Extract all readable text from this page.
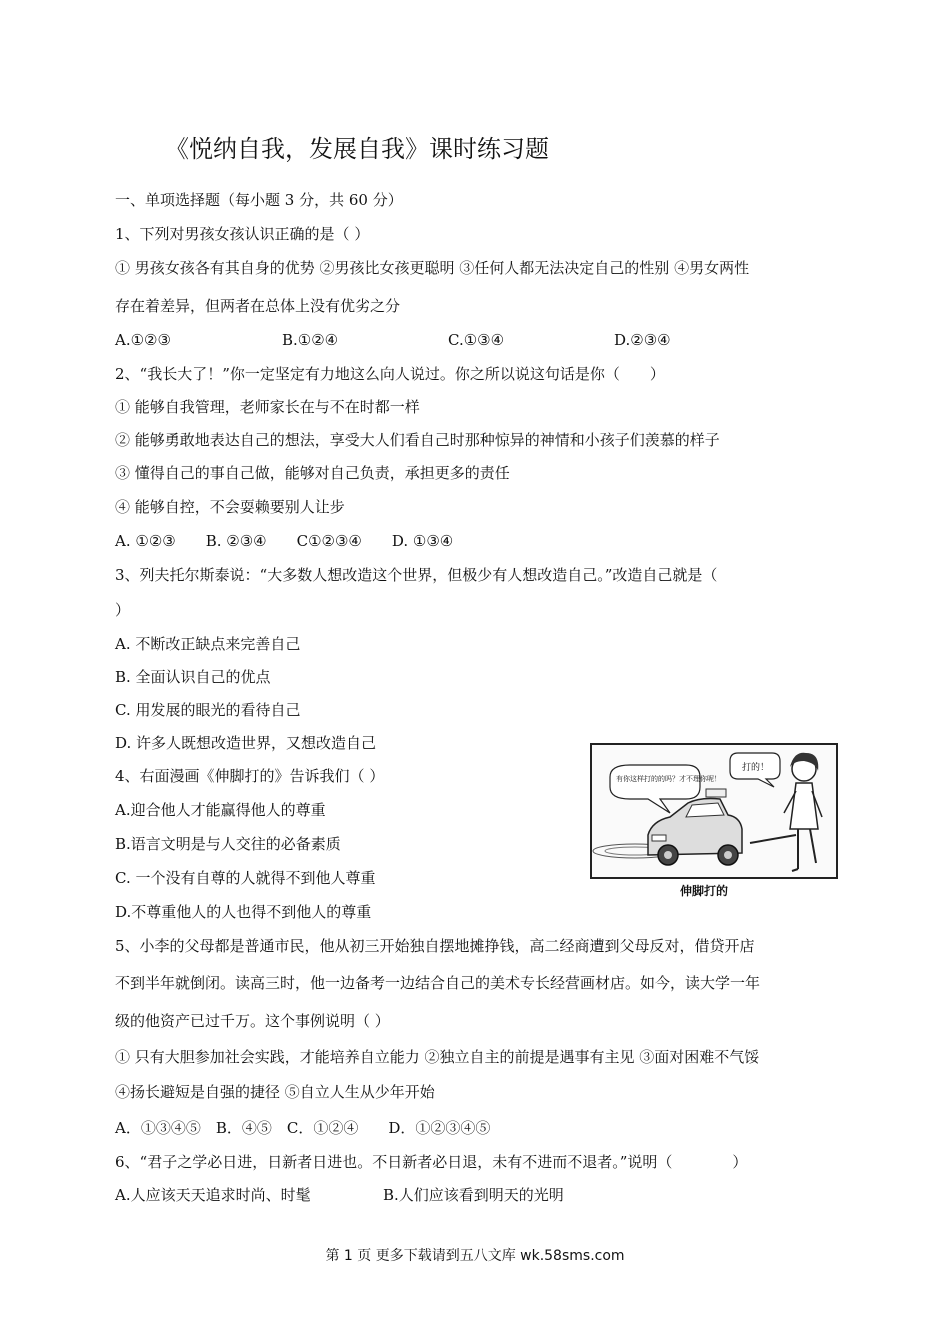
《悦纳自我，发展自我》课时练习题
一、单项选择题（每小题 3 分，共 60 分）
1、下列对男孩女孩认识正确的是（ ）
① 男孩女孩各有其自身的优势 ②男孩比女孩更聪明 ③任何人都无法决定自己的性别 ④男女两性
存在着差异，但两者在总体上没有优劣之分
A.①②③	B.①②④	C.①③④	D.②③④
2、“我长大了！”你一定坚定有力地这么向人说过。你之所以说这句话是你（　　）
① 能够自我管理，老师家长在与不在时都一样
② 能够勇敢地表达自己的想法，享受大人们看自己时那种惊异的神情和小孩子们羡慕的样子
③ 懂得自己的事自己做，能够对自己负责，承担更多的责任
④ 能够自控，不会耍赖要别人让步
A. ①②③　　B. ②③④　　C①②③④　　D. ①③④
3、列夫托尔斯泰说：“大多数人想改造这个世界，但极少有人想改造自己。”改造自己就是（
）
A. 不断改正缺点来完善自己
B. 全面认识自己的优点
C. 用发展的眼光的看待自己
D. 许多人既想改造世界，又想改造自己
4、右面漫画《伸脚打的》告诉我们（ ）
A.迎合他人才能赢得他人的尊重
B.语言文明是与人交往的必备素质
C. 一个没有自尊的人就得不到他人尊重
D.不尊重他人的人也得不到他人的尊重
有你这样打的的吗？才不理你呢！
打的！
伸脚打的
5、小李的父母都是普通市民，他从初三开始独自摆地摊挣钱，高二经商遭到父母反对，借贷开店
不到半年就倒闭。读高三时，他一边备考一边结合自己的美术专长经营画材店。如今，读大学一年
级的他资产已过千万。这个事例说明（ ）
① 只有大胆参加社会实践，才能培养自立能力 ②独立自主的前提是遇事有主见 ③面对困难不气馁
④扬长避短是自强的捷径 ⑤自立人生从少年开始
A．①③④⑤　B．④⑤　C．①②④　　D．①②③④⑤
6、“君子之学必日进，日新者日进也。不日新者必日退，未有不进而不退者。”说明（　　　　）
A.人应该天天追求时尚、时髦	B.人们应该看到明天的光明
第 1 页 更多下载请到五八文库 wk.58sms.com
